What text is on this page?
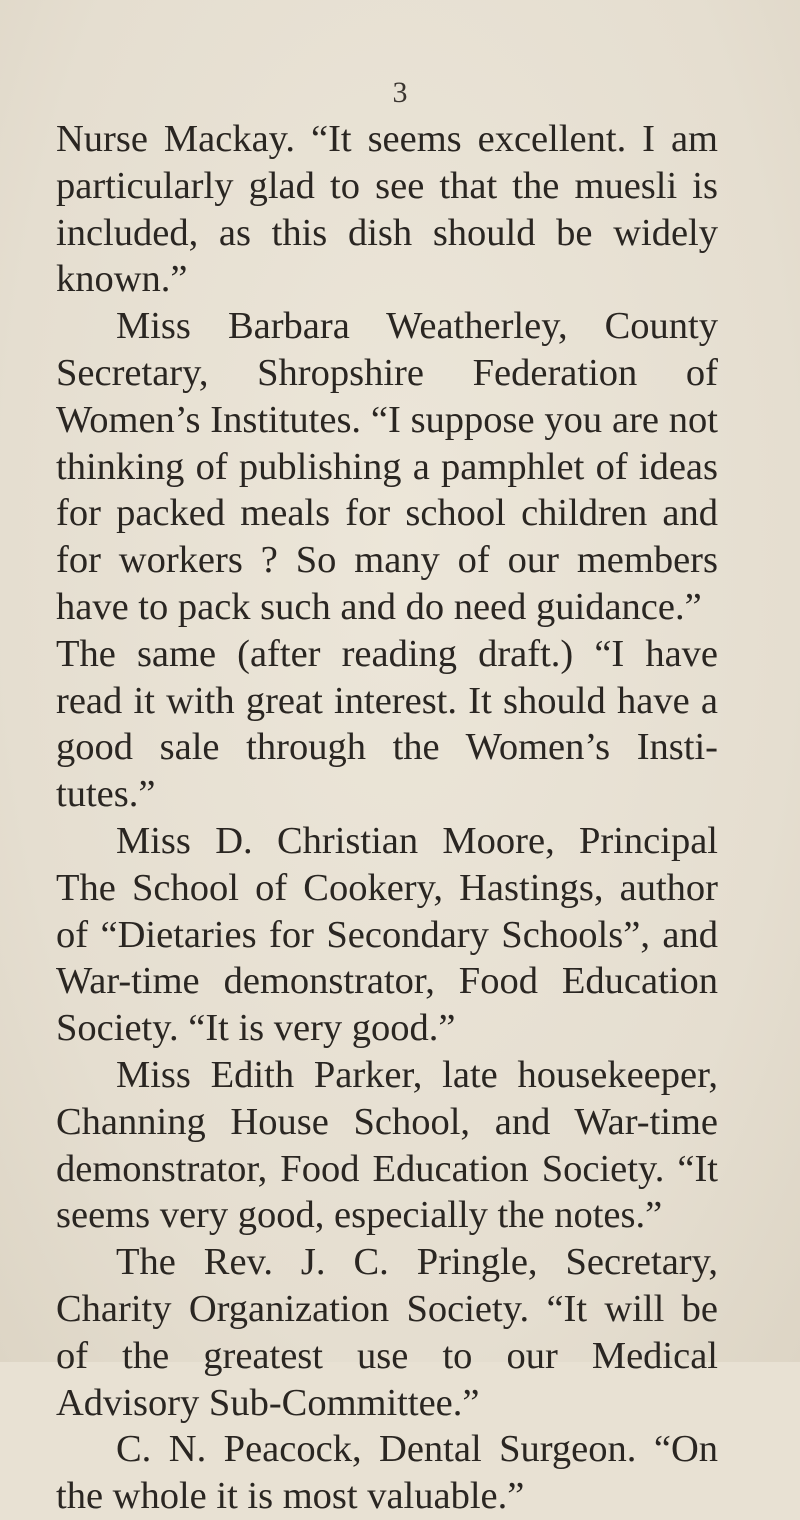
3

Nurse Mackay. “It seems excellent. I am particularly glad to see that the muesli is included, as this dish should be widely known.”

Miss Barbara Weatherley, County Secretary, Shropshire Federation of Women’s Institutes. “I suppose you are not thinking of publishing a pamphlet of ideas for packed meals for school children and for workers ? So many of our members have to pack such and do need guidance.”

The same (after reading draft.) “I have read it with great interest. It should have a good sale through the Women’s Insti-tutes.”

Miss D. Christian Moore, Principal The School of Cookery, Hastings, author of “Dietaries for Secondary Schools”, and War-time demonstrator, Food Education Society. “It is very good.”

Miss Edith Parker, late housekeeper, Channing House School, and War-time demonstrator, Food Education Society. “It seems very good, especially the notes.”

The Rev. J. C. Pringle, Secretary, Charity Organization Society. “It will be of the greatest use to our Medical Advisory Sub-Committee.”

C. N. Peacock, Dental Surgeon. “On the whole it is most valuable.”
